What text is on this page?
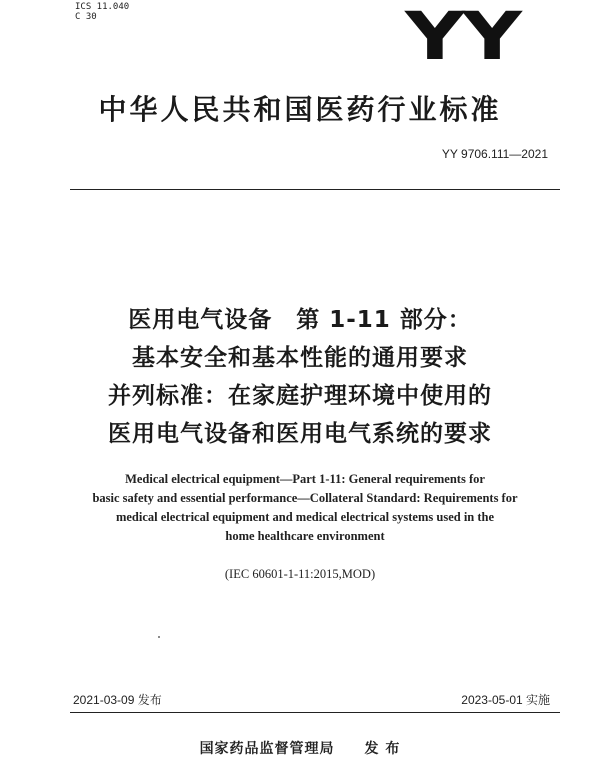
ICS 11.040
C 30	YY
中华人民共和国医药行业标准
YY 9706.111—2021
医用电气设备　第 1-11 部分：
基本安全和基本性能的通用要求
并列标准：在家庭护理环境中使用的
医用电气设备和医用电气系统的要求
Medical electrical equipment—Part 1-11: General requirements for
basic safety and essential performance—Collateral Standard: Requirements for
medical electrical equipment and medical electrical systems used in the
home healthcare environment
(IEC 60601-1-11:2015,MOD)
2021-03-09 发布	2023-05-01 实施
国家药品监督管理局　　发 布
